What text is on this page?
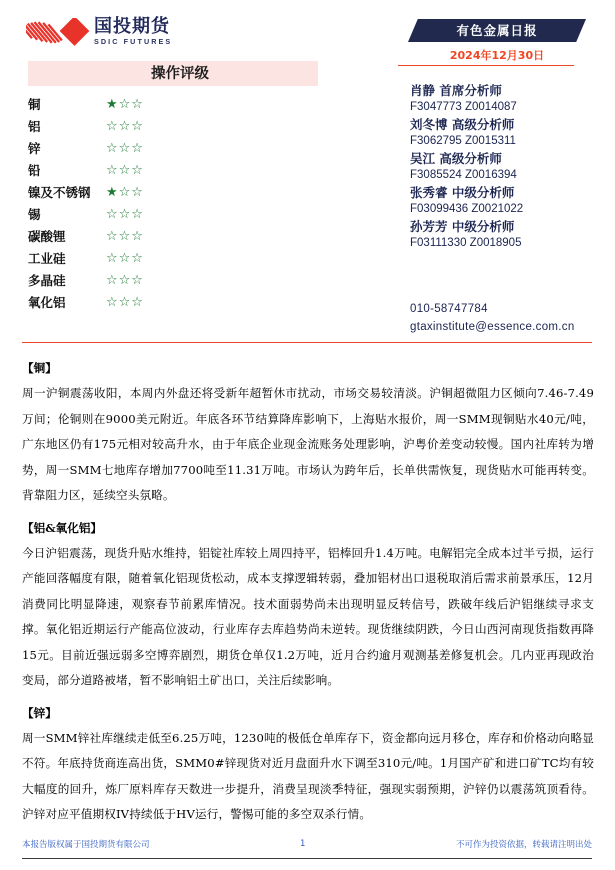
国投期货
SDIC FUTURES
操作评级
铜	★☆☆
铝	☆☆☆
锌	☆☆☆
铅	☆☆☆
镍及不锈钢	★☆☆
锡	☆☆☆
碳酸锂	☆☆☆
工业硅	☆☆☆
多晶硅	☆☆☆
氧化铝	☆☆☆
有色金属日报
2024年12月30日
肖静 首席分析师
F3047773 Z0014087
刘冬博 高级分析师
F3062795 Z0015311
吴江 高级分析师
F3085524 Z0016394
张秀睿 中级分析师
F03099436 Z0021022
孙芳芳 中级分析师
F03111330 Z0018905
010-58747784
gtaxinstitute@essence.com.cn
【铜】
周一沪铜震荡收阳，本周内外盘还将受新年超暂休市扰动，市场交易较清淡。沪铜超微阻力区倾向7.46-7.49万间；伦铜则在9000美元附近。年底各环节结算降库影响下，上海贴水报价，周一SMM现铜贴水40元/吨，广东地区仍有175元相对较高升水，由于年底企业现金流账务处理影响，沪粤价差变动较慢。国内社库转为增势，周一SMM七地库存增加7700吨至11.31万吨。市场认为跨年后，长单供需恢复，现货贴水可能再转变。背靠阻力区，延续空头氛略。
【铝&氧化铝】
今日沪铝震荡，现货升贴水维持，铝锭社库较上周四持平，铝棒回升1.4万吨。电解铝完全成本过半亏损，运行产能回落幅度有限，随着氧化铝现货松动，成本支撑逻辑转弱，叠加铝材出口退税取消后需求前景承压，12月消费同比明显降速，观察春节前累库情况。技术面弱势尚未出现明显反转信号，跌破年线后沪铝继续寻求支撑。氧化铝近期运行产能高位波动，行业库存去库趋势尚未逆转。现货继续阴跌，今日山西河南现货指数再降15元。目前近强远弱多空博弈剧烈，期货仓单仅1.2万吨，近月合约逾月观测基差修复机会。几内亚再现政治变局，部分道路被堵，暂不影响铝土矿出口，关注后续影响。
【锌】
周一SMM锌社库继续走低至6.25万吨，1230吨的极低仓单库存下，资金都向远月移仓，库存和价格动向略显不符。年底持货商连高出货，SMM0#锌现货对近月盘面升水下调至310元/吨。1月国产矿和进口矿TC均有较大幅度的回升，炼厂原料库存天数进一步提升，消费呈现淡季特征，强现实弱预期，沪锌仍以震荡筑顶看待。沪锌对应平值期权IV持续低于HV运行，警惕可能的多空双杀行情。
本报告版权属于国投期货有限公司	1	不可作为投资依据，转载请注明出处
